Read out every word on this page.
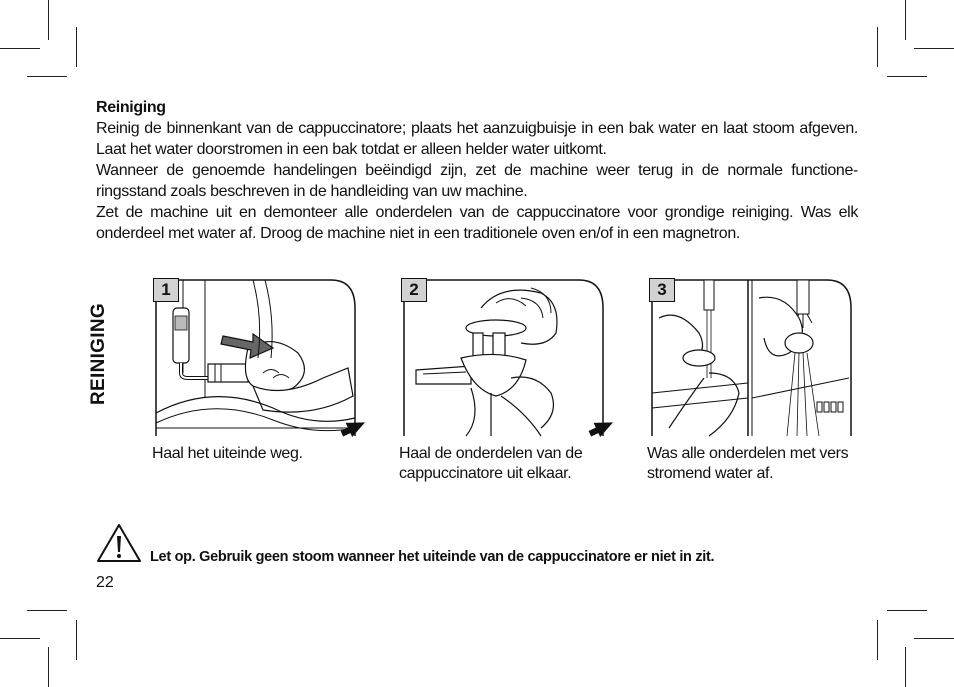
Reiniging

Reinig de binnenkant van de cappuccinatore; plaats het aanzuigbuisje in een bak water en laat stoom afgeven. Laat het water doorstromen in een bak totdat er alleen helder water uitkomt.

Wanneer de genoemde handelingen beëindigd zijn, zet de machine weer terug in de normale functione-ringsstand zoals beschreven in de handleiding van uw machine.

Zet de machine uit en demonteer alle onderdelen van de cappuccinatore voor grondige reiniging. Was elk onderdeel met water af. Droog de machine niet in een traditionele oven en/of in een magnetron.

REINIGING
1
Haal het uiteinde weg.
2
Haal de onderdelen van de cappuccinatore uit elkaar.
3
Was alle onderdelen met vers stromend water af.
Let op. Gebruik geen stoom wanneer het uiteinde van de cappuccinatore er niet in zit.
22
